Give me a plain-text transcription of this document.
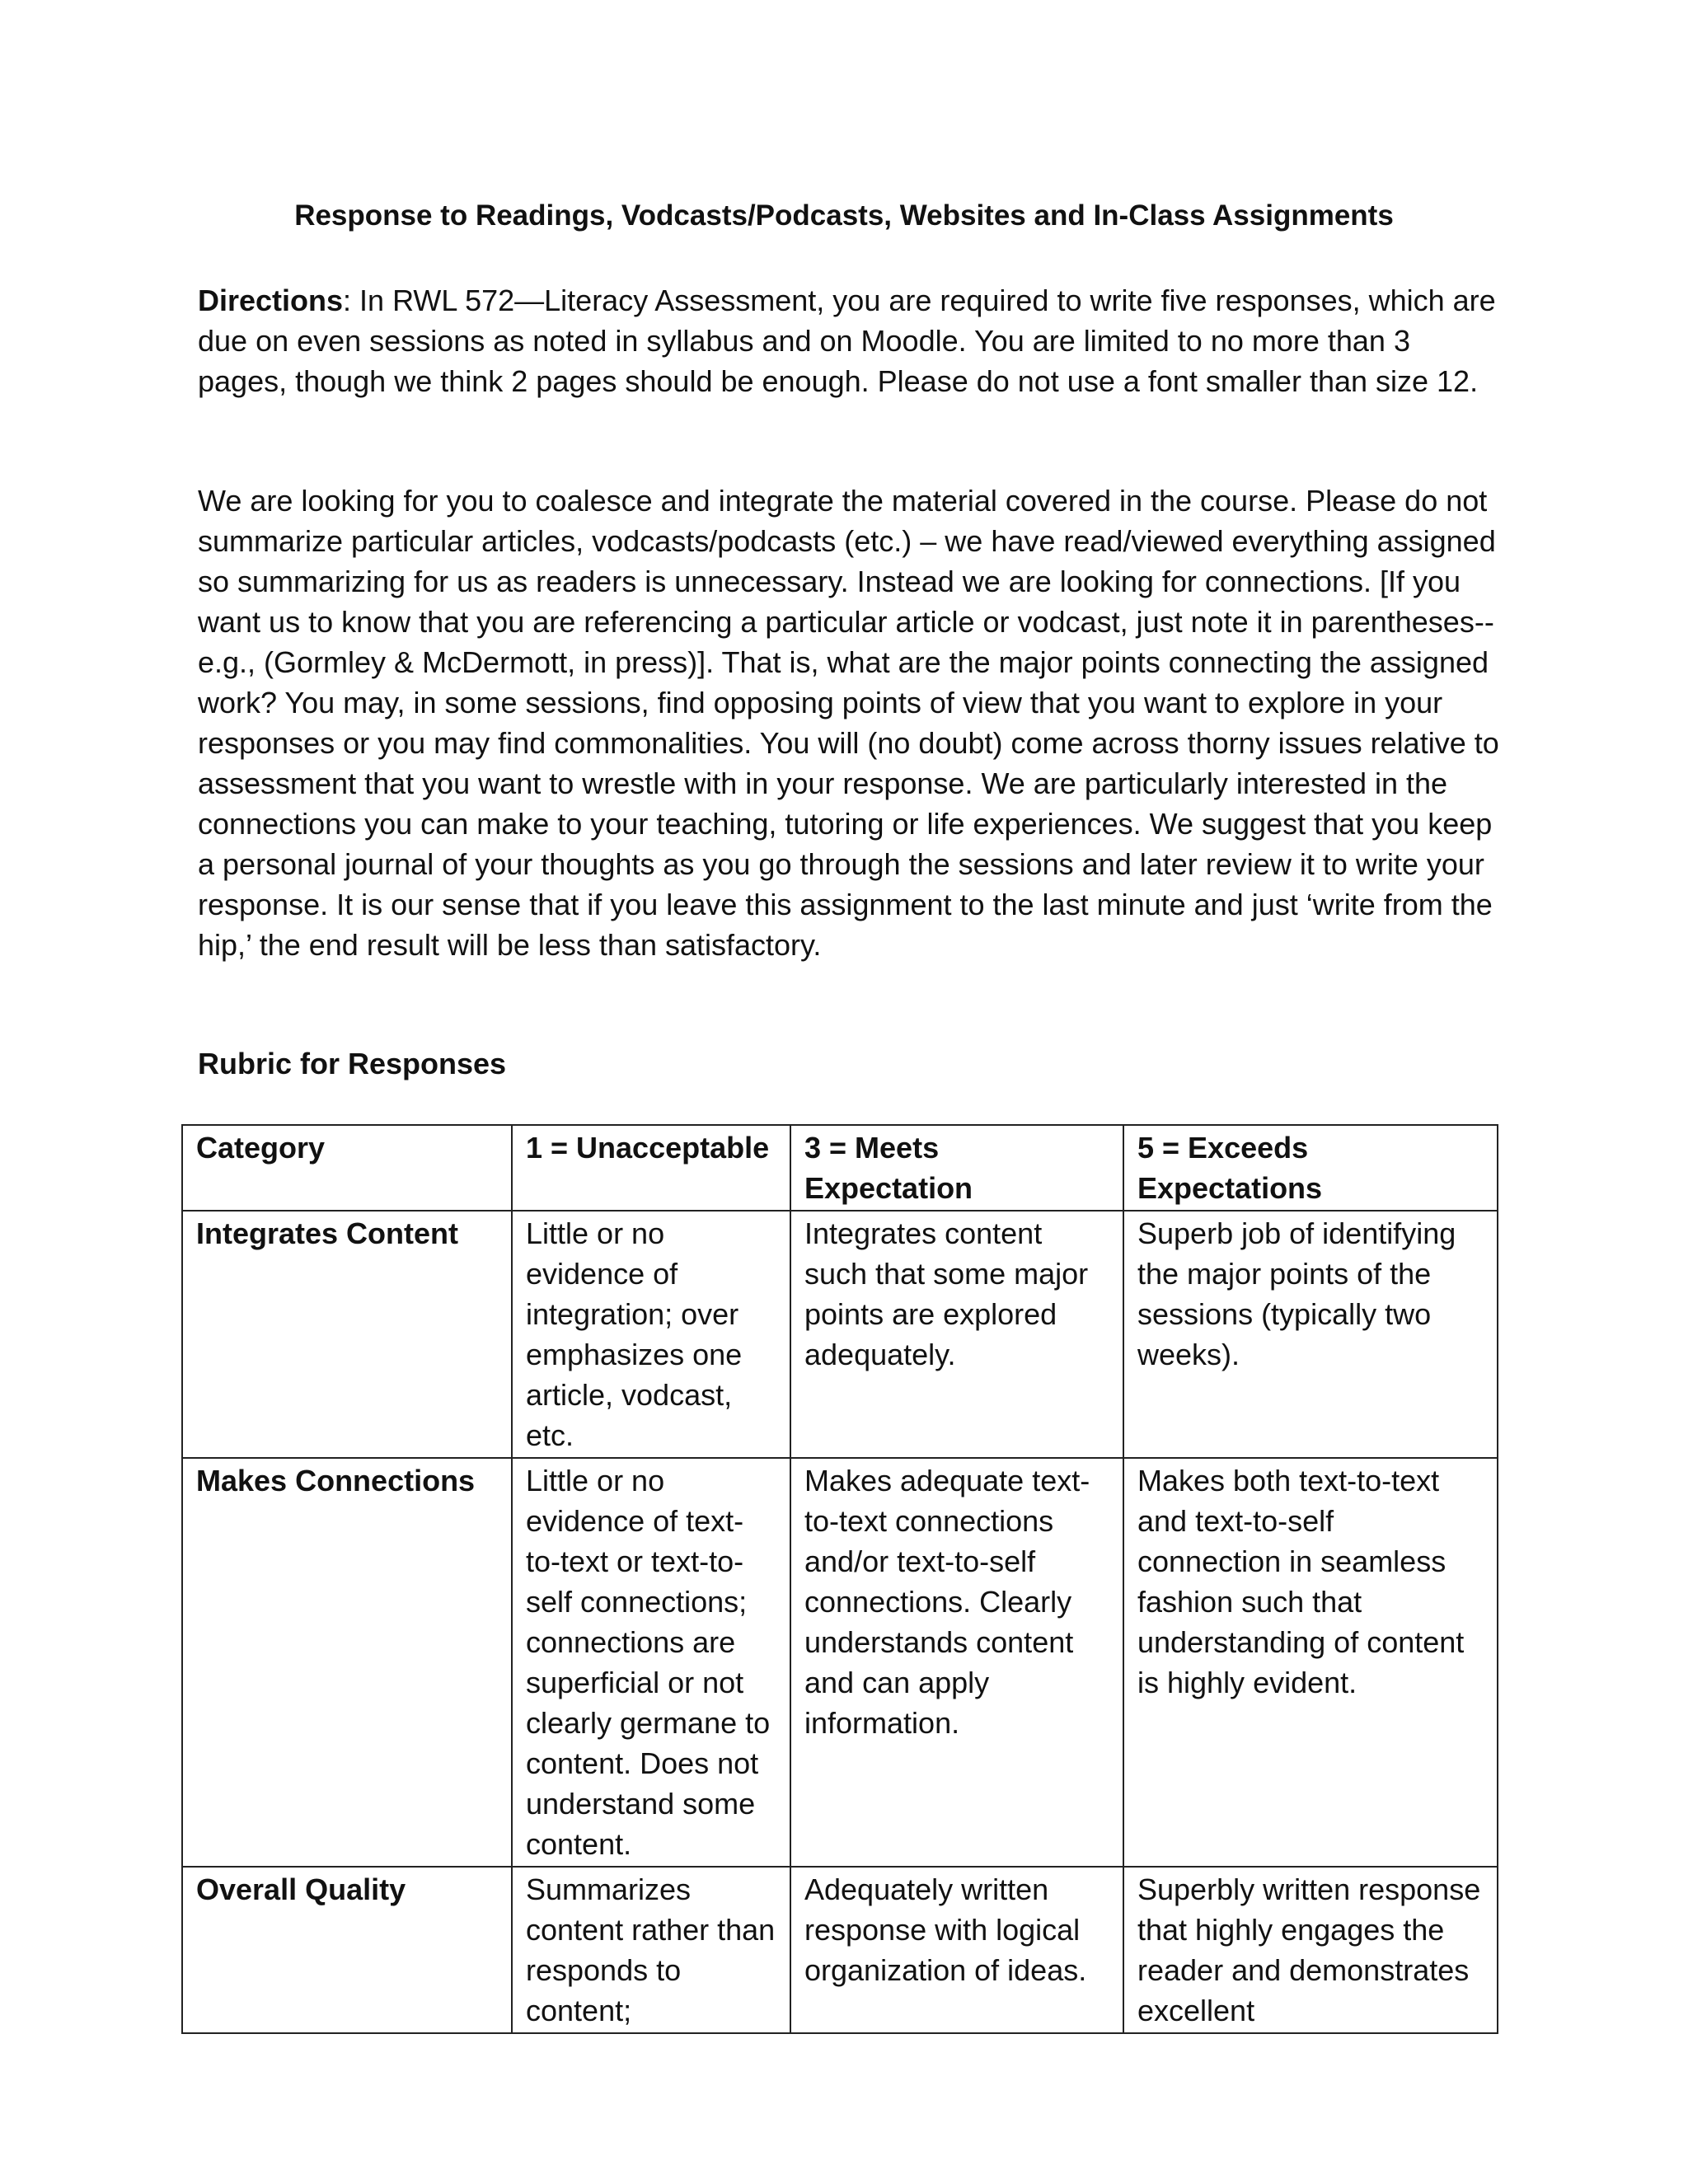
Response to Readings, Vodcasts/Podcasts, Websites and In-Class Assignments

Directions: In RWL 572—Literacy Assessment, you are required to write five responses, which are due on even sessions as noted in syllabus and on Moodle. You are limited to no more than 3 pages, though we think 2 pages should be enough. Please do not use a font smaller than size 12.

We are looking for you to coalesce and integrate the material covered in the course. Please do not summarize particular articles, vodcasts/podcasts (etc.) – we have read/viewed everything assigned so summarizing for us as readers is unnecessary. Instead we are looking for connections. [If you want us to know that you are referencing a particular article or vodcast, just note it in parentheses--e.g., (Gormley & McDermott, in press)]. That is, what are the major points connecting the assigned work? You may, in some sessions, find opposing points of view that you want to explore in your responses or you may find commonalities. You will (no doubt) come across thorny issues relative to assessment that you want to wrestle with in your response. We are particularly interested in the connections you can make to your teaching, tutoring or life experiences. We suggest that you keep a personal journal of your thoughts as you go through the sessions and later review it to write your response. It is our sense that if you leave this assignment to the last minute and just ‘write from the hip,’ the end result will be less than satisfactory.

Rubric for Responses
Category	1 = Unacceptable	3 = Meets Expectation	5 = Exceeds Expectations
Integrates Content	Little or no evidence of integration; over emphasizes one article, vodcast, etc.	Integrates content such that some major points are explored adequately.	Superb job of identifying the major points of the sessions (typically two weeks).
Makes Connections	Little or no evidence of text-to-text or text-to-self connections; connections are superficial or not clearly germane to content. Does not understand some content.	Makes adequate text-to-text connections and/or text-to-self connections. Clearly understands content and can apply information.	Makes both text-to-text and text-to-self connection in seamless fashion such that understanding of content is highly evident.
Overall Quality	Summarizes content rather than responds to content;	Adequately written response with logical organization of ideas.	Superbly written response that highly engages the reader and demonstrates excellent
